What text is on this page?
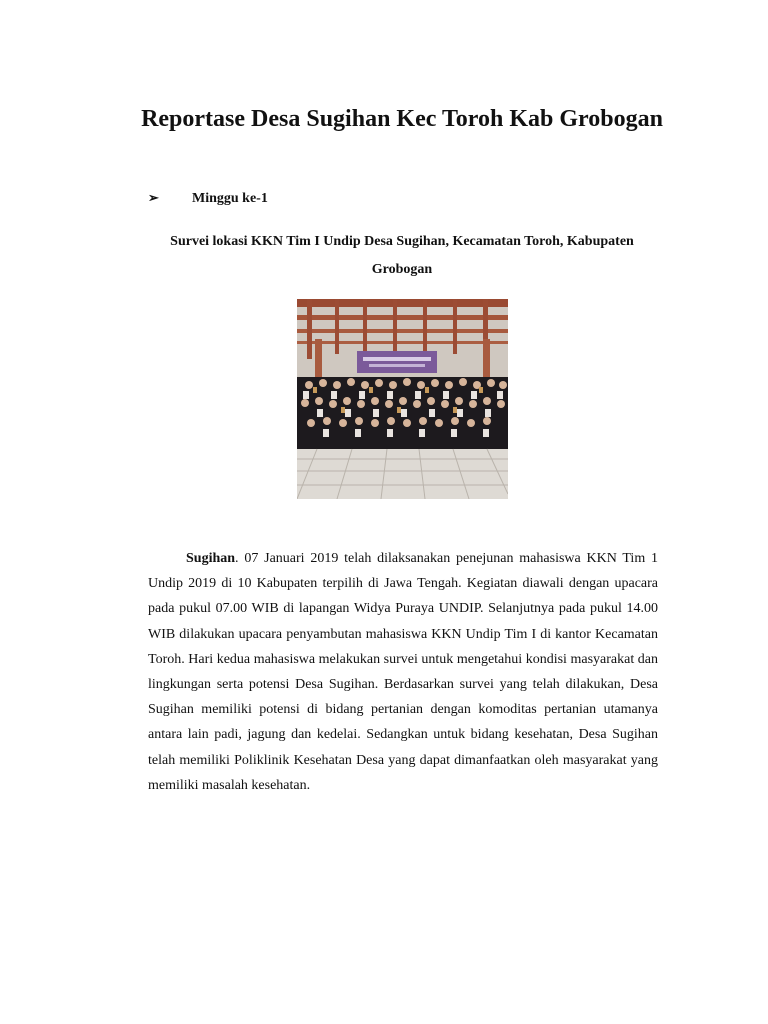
Reportase Desa Sugihan Kec Toroh Kab Grobogan
➢ Minggu ke-1
Survei lokasi KKN Tim I Undip Desa Sugihan, Kecamatan Toroh, Kabupaten Grobogan

Sugihan. 07 Januari 2019 telah dilaksanakan penejunan mahasiswa KKN Tim 1 Undip 2019 di 10 Kabupaten terpilih di Jawa Tengah. Kegiatan diawali dengan upacara pada pukul 07.00 WIB di lapangan Widya Puraya UNDIP. Selanjutnya pada pukul 14.00 WIB dilakukan upacara penyambutan mahasiswa KKN Undip Tim I di kantor Kecamatan Toroh. Hari kedua mahasiswa melakukan survei untuk mengetahui kondisi masyarakat dan lingkungan serta potensi Desa Sugihan. Berdasarkan survei yang telah dilakukan, Desa Sugihan memiliki potensi di bidang pertanian dengan komoditas pertanian utamanya antara lain padi, jagung dan kedelai. Sedangkan untuk bidang kesehatan, Desa Sugihan telah memiliki Poliklinik Kesehatan Desa yang dapat dimanfaatkan oleh masyarakat yang memiliki masalah kesehatan.
